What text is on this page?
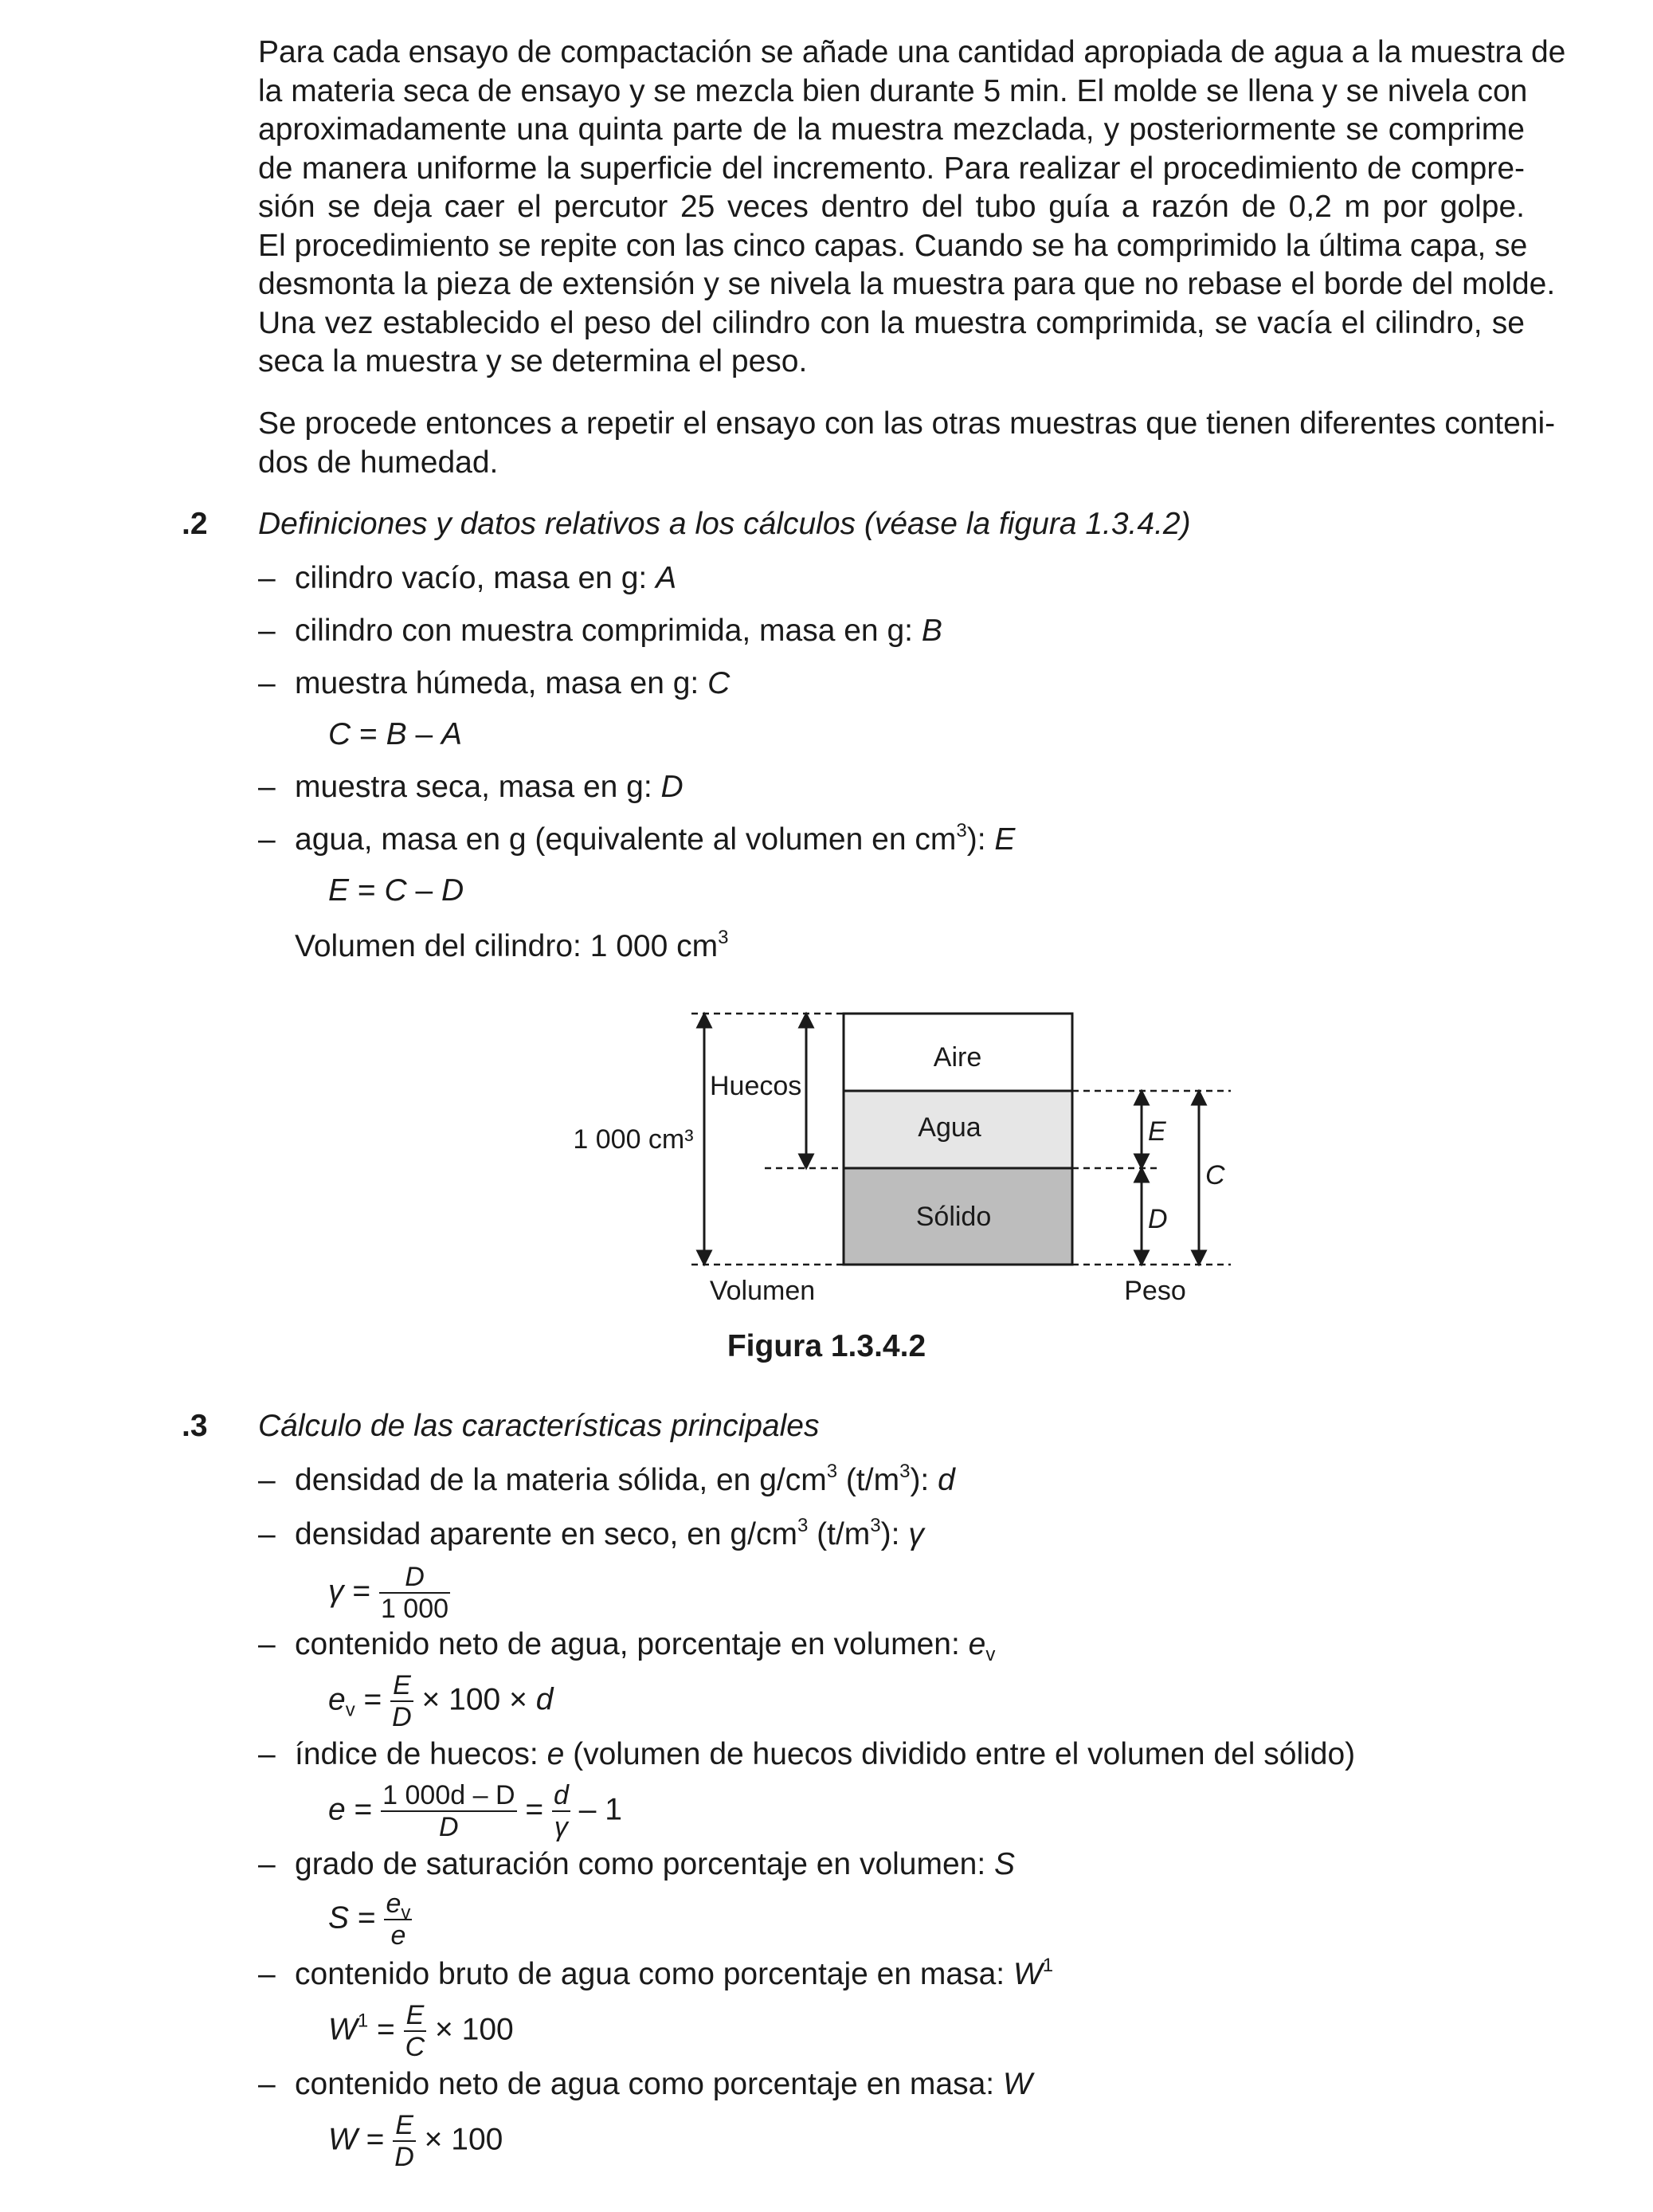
Para cada ensayo de compactación se añade una cantidad apropiada de agua a la muestra de
la materia seca de ensayo y se mezcla bien durante 5 min. El molde se llena y se nivela con
aproximadamente una quinta parte de la muestra mezclada, y posteriormente se comprime
de manera uniforme la superficie del incremento. Para realizar el procedimiento de compre-
sión se deja caer el percutor 25 veces dentro del tubo guía a razón de 0,2 m por golpe.
El procedimiento se repite con las cinco capas. Cuando se ha comprimido la última capa, se
desmonta la pieza de extensión y se nivela la muestra para que no rebase el borde del molde.
Una vez establecido el peso del cilindro con la muestra comprimida, se vacía el cilindro, se
seca la muestra y se determina el peso.
Se procede entonces a repetir el ensayo con las otras muestras que tienen diferentes conteni-
dos de humedad.
.2 Definiciones y datos relativos a los cálculos (véase la figura 1.3.4.2)
– cilindro vacío, masa en g: A
– cilindro con muestra comprimida, masa en g: B
– muestra húmeda, masa en g: C
C = B – A
– muestra seca, masa en g: D
– agua, masa en g (equivalente al volumen en $cm^3$): E
E = C – D
Volumen del cilindro: 1 000 $cm^3$
Aire
Agua
Sólido
Huecos
1 000 cm³
Volumen	Peso
E
D
C
Figura 1.3.4.2
.3 Cálculo de las características principales
– densidad de la materia sólida, en $g/cm^3$ $(t/m^3)$: d
– densidad aparente en seco, en $g/cm^3$ $(t/m^3)$: γ
$\gamma = \frac{D}{1 000}$
– contenido neto de agua, porcentaje en volumen: $e_v$
$e_v = \frac{E}{D} \times 100 \times d$
– índice de huecos: e (volumen de huecos dividido entre el volumen del sólido)
$e = \frac{1 000d - D}{D} = \frac{d}{\gamma} - 1$
– grado de saturación como porcentaje en volumen: S
$S = \frac{e_v}{e}$
– contenido bruto de agua como porcentaje en masa: $W^1$
$W^1 = \frac{E}{C} \times 100$
– contenido neto de agua como porcentaje en masa: W
$W = \frac{E}{D} \times 100$
